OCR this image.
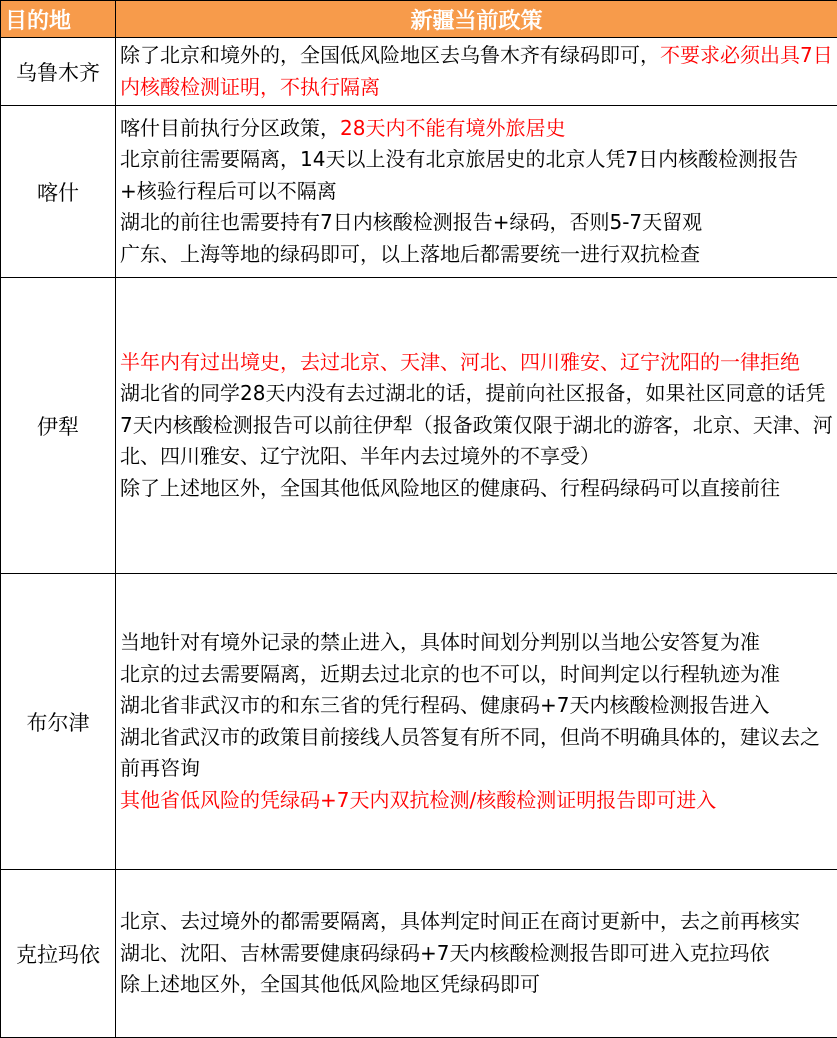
目的地	新疆当前政策
乌鲁木齐	除了北京和境外的，全国低风险地区去乌鲁木齐有绿码即可，不要求必须出具7日内核酸检测证明，不执行隔离
喀什	喀什目前执行分区政策，28天内不能有境外旅居史
北京前往需要隔离，14天以上没有北京旅居史的北京人凭7日内核酸检测报告+核验行程后可以不隔离
湖北的前往也需要持有7日内核酸检测报告+绿码，否则5-7天留观
广东、上海等地的绿码即可，以上落地后都需要统一进行双抗检查

伊犁	半年内有过出境史，去过北京、天津、河北、四川雅安、辽宁沈阳的一律拒绝
湖北省的同学28天内没有去过湖北的话，提前向社区报备，如果社区同意的话凭7天内核酸检测报告可以前往伊犁（报备政策仅限于湖北的游客，北京、天津、河北、四川雅安、辽宁沈阳、半年内去过境外的不享受）
除了上述地区外，全国其他低风险地区的健康码、行程码绿码可以直接前往

布尔津	当地针对有境外记录的禁止进入，具体时间划分判别以当地公安答复为准
北京的过去需要隔离，近期去过北京的也不可以，时间判定以行程轨迹为准
湖北省非武汉市的和东三省的凭行程码、健康码+7天内核酸检测报告进入
湖北省武汉市的政策目前接线人员答复有所不同，但尚不明确具体的，建议去之前再咨询
其他省低风险的凭绿码+7天内双抗检测/核酸检测证明报告即可进入

克拉玛依	北京、去过境外的都需要隔离，具体判定时间正在商讨更新中，去之前再核实
湖北、沈阳、吉林需要健康码绿码+7天内核酸检测报告即可进入克拉玛依
除上述地区外，全国其他低风险地区凭绿码即可
